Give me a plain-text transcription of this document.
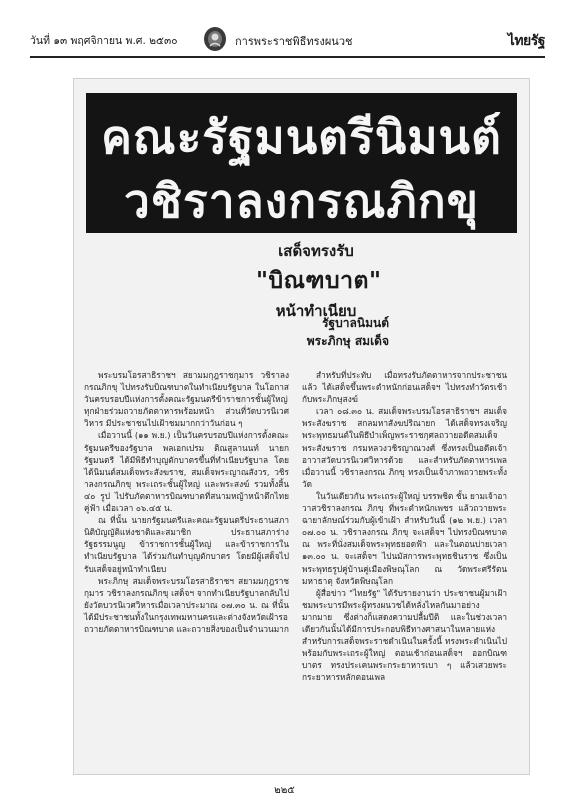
วันที่ ๑๓ พฤศจิกายน พ.ศ. ๒๕๓๐	การพระราชพิธีทรงผนวช	ไทยรัฐ
คณะรัฐมนตรีนิมนต์
วชิราลงกรณภิกขุ
เสด็จทรงรับ
"บิณฑบาต"
หน้าทำเนียบ
รัฐบาลนิมนต์
พระภิกษุ สมเด็จ

พระบรมโอรสาธิราชฯ สยามมกุฎราชกุมาร วชิราลงกรณภิกขุ ไปทรงรับบิณฑบาตในทำเนียบรัฐบาล ในโอกาสวันครบรอบปีแห่งการตั้งคณะรัฐมนตรีข้าราชการชั้นผู้ใหญ่ทุกฝ่ายร่วมถวายภัตตาหารพร้อมหน้า ส่วนที่วัดบวรนิเวศวิหาร มีประชาชนไปเฝ้าชมมากกว่าวันก่อน ๆ

เมื่อวานนี้ (๑๑ พ.ย.) เป็นวันครบรอบปีแห่งการตั้งคณะรัฐมนตรีของรัฐบาล พลเอกเปรม ติณสูลานนท์ นายกรัฐมนตรี ได้มีพิธีทำบุญตักบาตรขึ้นที่ทำเนียบรัฐบาล โดยได้นิมนต์สมเด็จพระสังฆราช, สมเด็จพระญาณสังวร, วชิราลงกรณภิกขุ พระเถระชั้นผู้ใหญ่ และพระสงฆ์ รวมทั้งสิ้น ๔๐ รูป ไปรับภัตตาหารบิณฑบาตที่สนามหญ้าหน้าตึกไทยคู่ฟ้า เมื่อเวลา ๐๖.๔๕ น.

ณ ที่นั้น นายกรัฐมนตรีและคณะรัฐมนตรีประธานสภานิติบัญญัติแห่งชาติและสมาชิก ประธานสภาร่างรัฐธรรมนูญ ข้าราชการชั้นผู้ใหญ่ และข้าราชการในทำเนียบรัฐบาล ได้ร่วมกันทำบุญตักบาตร โดยมีผู้เสด็จไปรับเสด็จอยู่หน้าทำเนียบ

พระภิกษุ สมเด็จพระบรมโอรสาธิราชฯ สยามมกุฎราชกุมาร วชิราลงกรณภิกขุ เสด็จฯ จากทำเนียบรัฐบาลกลับไปยังวัดบวรนิเวศวิหารเมื่อเวลาประมาณ ๐๗.๓๐ น. ณ ที่นั้นได้มีประชาชนทั้งในกรุงเทพมหานครและต่างจังหวัดเฝ้ารอถวายภัตตาหารบิณฑบาต และถวายสิ่งของเป็นจำนวนมาก

สำหรับที่ประทับ เมื่อทรงรับภัตตาหารจากประชาชนแล้ว ได้เสด็จขึ้นพระตำหนักก่อนเสด็จฯ ไปทรงทำวัตรเช้ากับพระภิกษุสงฆ์

เวลา ๐๘.๓๐ น. สมเด็จพระบรมโอรสาธิราชฯ สมเด็จพระสังฆราช สกลมหาสังฆปริณายก ได้เสด็จทรงเจริญพระพุทธมนต์ในพิธีบำเพ็ญพระราชกุศลถวายอดีตสมเด็จพระสังฆราช กรมหลวงวชิรญาณวงศ์ ซึ่งทรงเป็นอดีตเจ้าอาวาสวัดบวรนิเวศวิหารด้วย และสำหรับภัตตาหารเพลเมื่อวานนี้ วชิราลงกรณ ภิกขุ ทรงเป็นเจ้าภาพถวายพระทั้งวัด

ในวันเดียวกัน พระเถระผู้ใหญ่ บรรพชิต ชั้น ยามเจ้าอาวาสวชิราลงกรณ ภิกขุ ที่พระตำหนักเพชร แล้วถวายพระฉายาลักษณ์ร่วมกับผู้เข้าเฝ้า สำหรับวันนี้ (๑๒ พ.ย.) เวลา ๐๗.๐๐ น. วชิราลงกรณ ภิกขุ จะเสด็จฯ ไปทรงบิณฑบาต ณ พระที่นั่งสมเด็จพระพุทธยอดฟ้า และในตอนบ่ายเวลา ๑๓.๐๐ น. จะเสด็จฯ ไปนมัสการพระพุทธชินราช ซึ่งเป็นพระพุทธรูปคู่บ้านคู่เมืองพิษณุโลก ณ วัดพระศรีรัตนมหาธาตุ จังหวัดพิษณุโลก

ผู้สื่อข่าว "ไทยรัฐ" ได้รับรายงานว่า ประชาชนผู้มาเฝ้าชมพระบารมีพระผู้ทรงผนวชได้หลั่งไหลกันมาอย่างมากมาย ซึ่งต่างก็แสดงความปลื้มปีติ และในช่วงเวลาเดียวกันนั้นได้มีการประกอบพิธีทางศาสนาในหลายแห่ง สำหรับการเสด็จพระราชดำเนินในครั้งนี้ ทรงพระดำเนินไปพร้อมกับพระเถระผู้ใหญ่ ตอนเช้าก่อนเสด็จฯ ออกบิณฑบาตร ทรงประเคนพระกระยาหารเบา ๆ แล้วเสวยพระกระยาหารหลักตอนเพล

๒๒๕
